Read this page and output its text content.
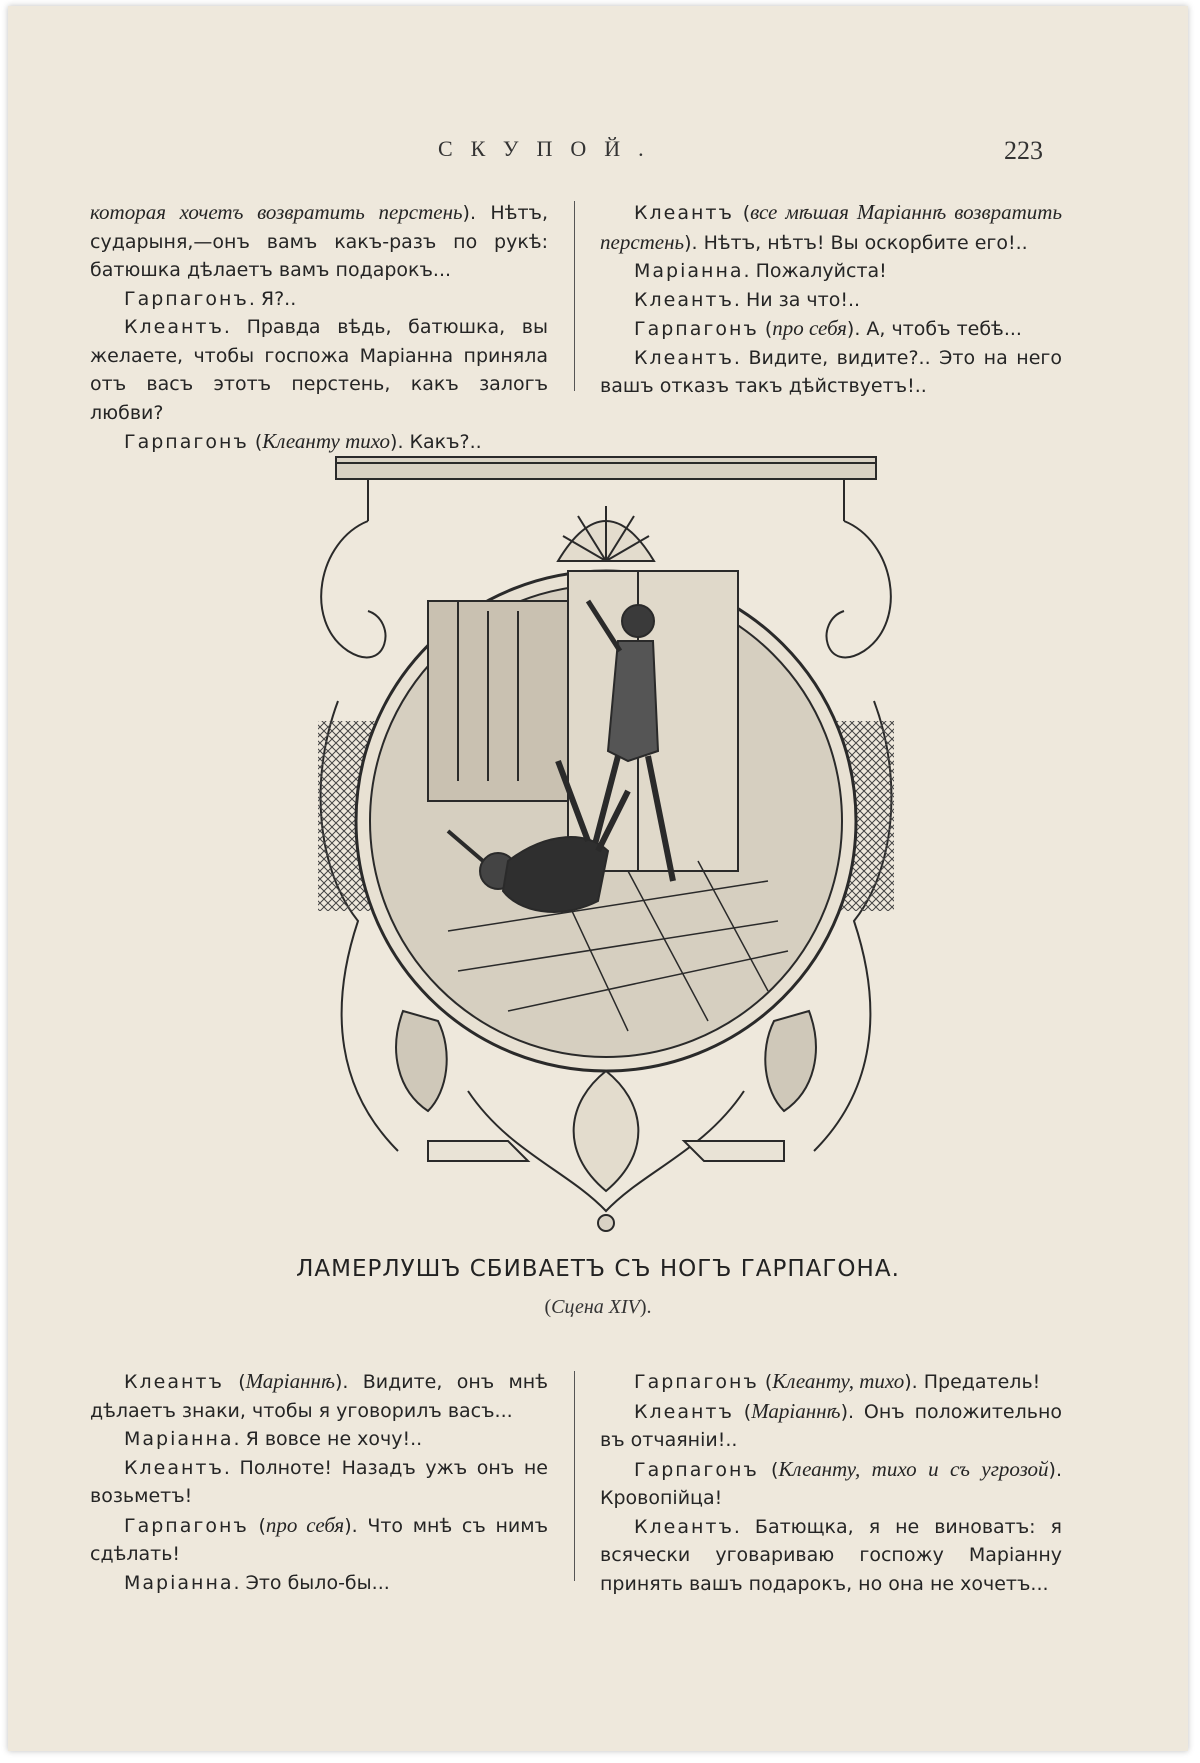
СКУПОЙ.	223

которая хочетъ возвратить перстень). Нѣтъ, сударыня,—онъ вамъ какъ-разъ по рукѣ: батюшка дѣлаетъ вамъ подарокъ...

Гарпагонъ. Я?..

Клеантъ. Правда вѣдь, батюшка, вы желаете, чтобы госпожа Маріанна приняла отъ васъ этотъ перстень, какъ залогъ любви?

Гарпагонъ (Клеанту тихо). Какъ?..

Клеантъ (все мѣшая Маріаннѣ возвратить перстень). Нѣтъ, нѣтъ! Вы оскорбите его!..

Маріанна. Пожалуйста!

Клеантъ. Ни за что!..

Гарпагонъ (про себя). А, чтобъ тебѣ...

Клеантъ. Видите, видите?.. Это на него вашъ отказъ такъ дѣйствуетъ!..

ЛАМЕРЛУШЪ СБИВАЕТЪ СЪ НОГЪ ГАРПАГОНА.
(Сцена XIV).

Клеантъ (Маріаннѣ). Видите, онъ мнѣ дѣлаетъ знаки, чтобы я уговорилъ васъ...

Маріанна. Я вовсе не хочу!..

Клеантъ. Полноте! Назадъ ужъ онъ не возьметъ!

Гарпагонъ (про себя). Что мнѣ съ нимъ сдѣлать!

Маріанна. Это было-бы...

Гарпагонъ (Клеанту, тихо). Предатель!

Клеантъ (Маріаннѣ). Онъ положительно въ отчаяніи!..

Гарпагонъ (Клеанту, тихо и съ угрозой). Кровопійца!

Клеантъ. Батющка, я не виноватъ: я всячески уговариваю госпожу Маріанну принять вашъ подарокъ, но она не хочетъ...
